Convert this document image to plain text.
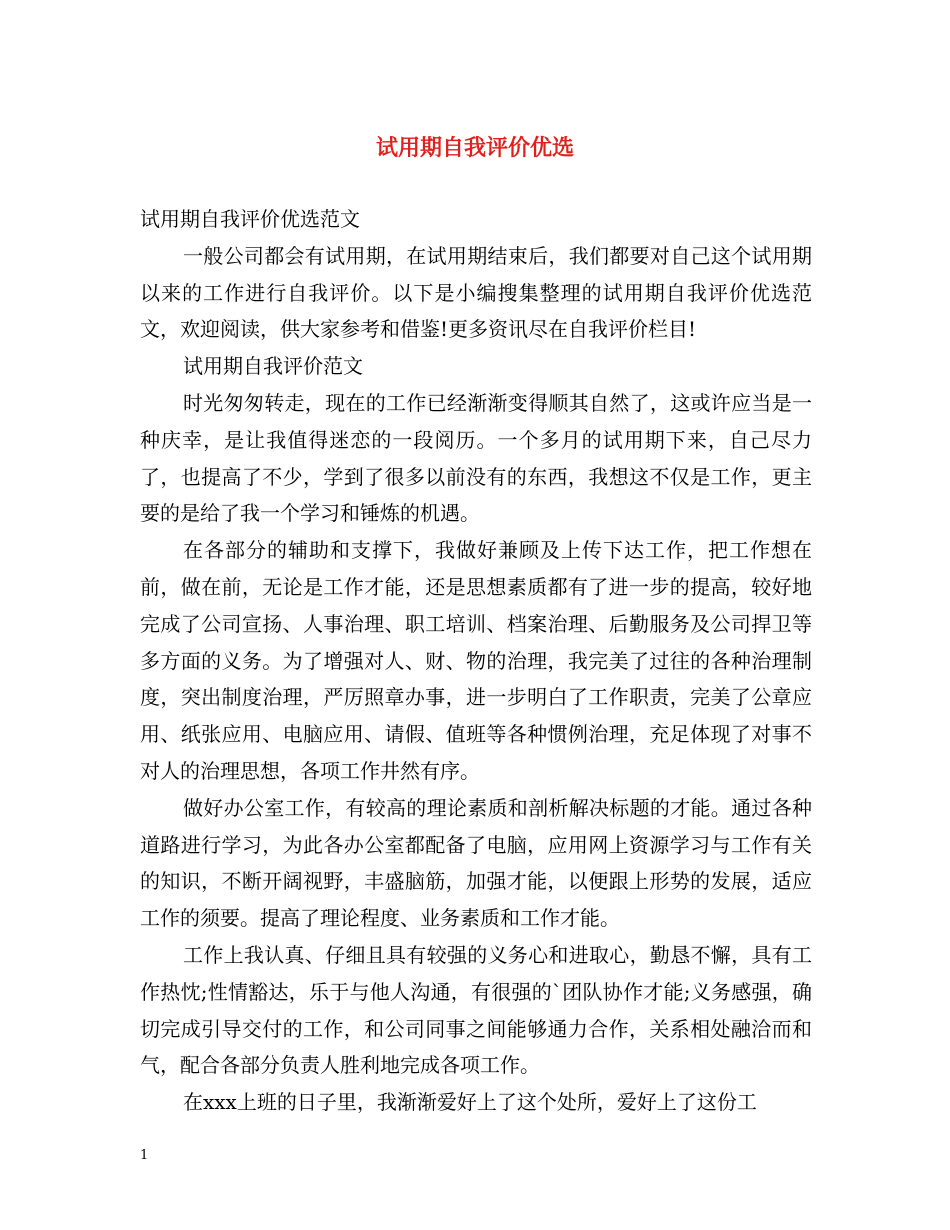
试用期自我评价优选

试用期自我评价优选范文

一般公司都会有试用期，在试用期结束后，我们都要对自己这个试用期以来的工作进行自我评价。以下是小编搜集整理的试用期自我评价优选范文，欢迎阅读，供大家参考和借鉴!更多资讯尽在自我评价栏目!

试用期自我评价范文

时光匆匆转走，现在的工作已经渐渐变得顺其自然了，这或许应当是一种庆幸，是让我值得迷恋的一段阅历。一个多月的试用期下来，自己尽力了，也提高了不少，学到了很多以前没有的东西，我想这不仅是工作，更主要的是给了我一个学习和锤炼的机遇。

在各部分的辅助和支撑下，我做好兼顾及上传下达工作，把工作想在前，做在前，无论是工作才能，还是思想素质都有了进一步的提高，较好地完成了公司宣扬、人事治理、职工培训、档案治理、后勤服务及公司捍卫等多方面的义务。为了增强对人、财、物的治理，我完美了过往的各种治理制度，突出制度治理，严厉照章办事，进一步明白了工作职责，完美了公章应用、纸张应用、电脑应用、请假、值班等各种惯例治理，充足体现了对事不对人的治理思想，各项工作井然有序。

做好办公室工作，有较高的理论素质和剖析解决标题的才能。通过各种道路进行学习，为此各办公室都配备了电脑，应用网上资源学习与工作有关的知识，不断开阔视野，丰盛脑筋，加强才能，以便跟上形势的发展，适应工作的须要。提高了理论程度、业务素质和工作才能。

工作上我认真、仔细且具有较强的义务心和进取心，勤恳不懈，具有工作热忱;性情豁达，乐于与他人沟通，有很强的`团队协作才能;义务感强，确切完成引导交付的工作，和公司同事之间能够通力合作，关系相处融洽而和气，配合各部分负责人胜利地完成各项工作。

在xxx上班的日子里，我渐渐爱好上了这个处所，爱好上了这份工

1
